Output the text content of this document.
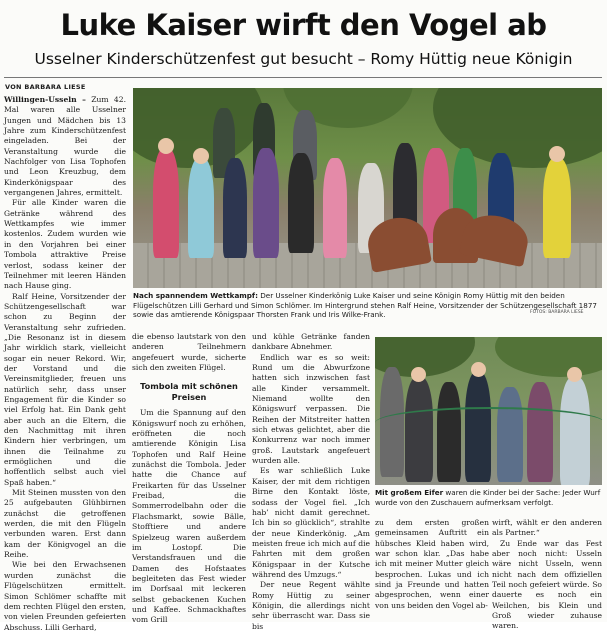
Luke Kaiser wirft den Vogel ab
Usselner Kinderschützenfest gut besucht – Romy Hüttig neue Königin
VON BARBARA LIESE

Willingen-Usseln – Zum 42. Mal waren alle Usselner Jungen und Mädchen bis 13 Jahre zum Kinderschützenfest eingeladen. Bei der Veranstaltung wurde die Nachfolger von Lisa Tophofen und Leon Kreuzbug, dem Kinderkönigspaar des vergangenen Jahres, ermittelt.

Für alle Kinder waren die Getränke während des Wettkampfes wie immer kostenlos. Zudem wurden wie in den Vorjahren bei einer Tombola attraktive Preise verlost, sodass keiner der Teilnehmer mit leeren Händen nach Hause ging.

Ralf Heine, Vorsitzender der Schützengesellschaft war schon zu Beginn der Veranstaltung sehr zufrieden. „Die Resonanz ist in diesem Jahr wirklich stark, vielleicht sogar ein neuer Rekord. Wir, der Vorstand und die Vereinsmitglieder, freuen uns natürlich sehr, dass unser Engagement für die Kinder so viel Erfolg hat. Ein Dank geht aber auch an die Eltern, die den Nachmittag mit ihren Kindern hier verbringen, um ihnen die Teilnahme zu ermöglichen und die hoffentlich selbst auch viel Spaß haben.“

Mit Steinen mussten von den 25 aufgebauten Glühbirnen zunächst die getroffenen werden, die mit den Flügeln verbunden waren. Erst dann kam der Königvogel an die Reihe.

Wie bei den Erwachsenen wurden zunächst die Flügelschützen ermittelt. Simon Schlömer schaffte mit dem rechten Flügel den ersten, von vielen Freunden gefeierten Abschuss. Lilli Gerhard,

Nach spannendem Wettkampf: Der Usselner Kinderkönig Luke Kaiser und seine Königin Romy Hüttig mit den beiden Flügelschützen Lilli Gerhard und Simon Schlömer. Im Hintergrund stehen Ralf Heine, Vorsitzender der Schützengesellschaft 1877 sowie das amtierende Königspaar Thorsten Frank und Iris Wilke-Frank.	FOTOS: BARBARA LIESE

die ebenso lautstark von den anderen Teilnehmern angefeuert wurde, sicherte sich den zweiten Flügel.

Tombola mit schönen Preisen

Um die Spannung auf den Königswurf noch zu erhöhen, eröffneten die noch amtierende Königin Lisa Tophofen und Ralf Heine zunächst die Tombola. Jeder hatte die Chance auf Freikarten für das Usselner Freibad, die Sommerrodelbahn oder die Flachsmarkt, sowie Bälle, Stofftiere und andere Spielzeug waren außerdem im Lostopf. Die Verstandsfrauen und die Damen des Hofstaates begleiteten das Fest wieder im Dorfsaal mit leckeren selbst gebackenen Kuchen und Kaffee. Schmackhaftes vom Grill

und kühle Getränke fanden dankbare Abnehmer.

Endlich war es so weit: Rund um die Abwurfzone hatten sich inzwischen fast alle Kinder versammelt. Niemand wollte den Königswurf verpassen. Die Reihen der Mitstreiter hatten sich etwas gelichtet, aber die Konkurrenz war noch immer groß. Lautstark angefeuert wurden alle.

Es war schließlich Luke Kaiser, der mit dem richtigen Birne den Kontakt löste, sodass der Vogel fiel. „Ich hab’ nicht damit gerechnet. Ich bin so glücklich“, strahlte der neue Kinderkönig. „Am meisten freue ich mich auf die Fahrten mit dem großen Königspaar in der Kutsche während des Umzugs.“

Der neue Regent wählte Romy Hüttig zu seiner Königin, die allerdings nicht sehr überrascht war. Dass sie bis

Mit großem Eifer waren die Kinder bei der Sache: Jeder Wurf wurde von den Zuschauern aufmerksam verfolgt.

zu dem ersten großen gemeinsamen Auftritt ein hübsches Kleid haben wird, war schon klar. „Das habe ich mit meiner Mutter gleich besprochen. Lukas und ich sind ja Freunde und hatten abgesprochen, wenn einer von uns beiden den Vogel ab-

wirft, wählt er den anderen als Partner.“

Zu Ende war das Fest aber noch nicht: Usseln wäre nicht Usseln, wenn nicht nach dem offiziellen Teil noch gefeiert würde. So dauerte es noch ein Weilchen, bis Klein und Groß wieder zuhause waren.
